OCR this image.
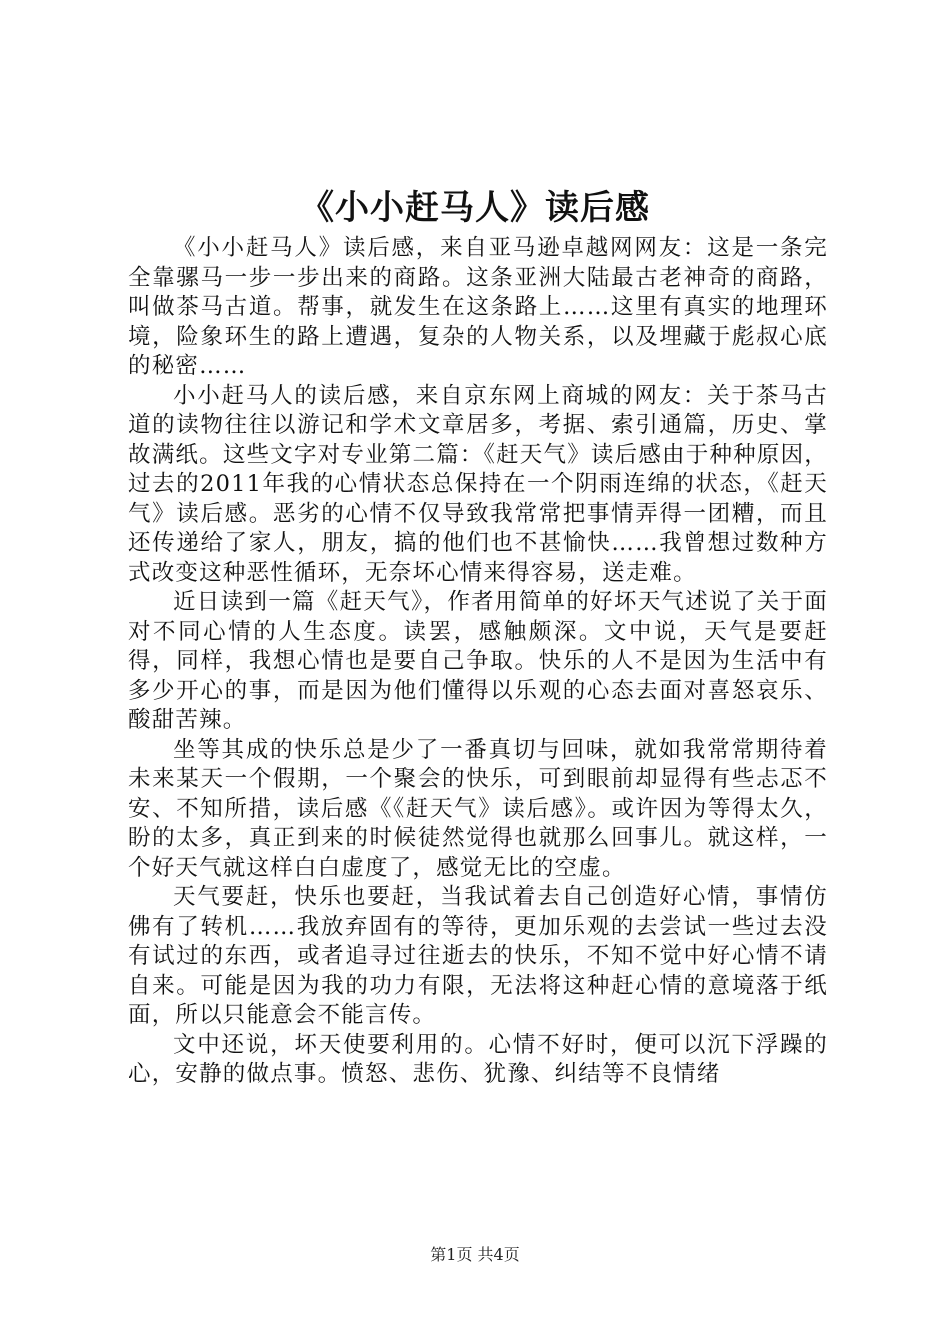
《小小赶马人》读后感

《小小赶马人》读后感，来自亚马逊卓越网网友：这是一条完全靠骡马一步一步出来的商路。这条亚洲大陆最古老神奇的商路，叫做茶马古道。帮事，就发生在这条路上……这里有真实的地理环境，险象环生的路上遭遇，复杂的人物关系，以及埋藏于彪叔心底的秘密……

小小赶马人的读后感，来自京东网上商城的网友：关于茶马古道的读物往往以游记和学术文章居多，考据、索引通篇，历史、掌故满纸。这些文字对专业第二篇：《赶天气》读后感由于种种原因，过去的2011年我的心情状态总保持在一个阴雨连绵的状态，《赶天气》读后感。恶劣的心情不仅导致我常常把事情弄得一团糟，而且还传递给了家人，朋友，搞的他们也不甚愉快……我曾想过数种方式改变这种恶性循环，无奈坏心情来得容易，送走难。

近日读到一篇《赶天气》，作者用简单的好坏天气述说了关于面对不同心情的人生态度。读罢，感触颇深。文中说，天气是要赶得，同样，我想心情也是要自己争取。快乐的人不是因为生活中有多少开心的事，而是因为他们懂得以乐观的心态去面对喜怒哀乐、酸甜苦辣。

坐等其成的快乐总是少了一番真切与回味，就如我常常期待着未来某天一个假期，一个聚会的快乐，可到眼前却显得有些忐忑不安、不知所措，读后感《《赶天气》读后感》。或许因为等得太久，盼的太多，真正到来的时候徒然觉得也就那么回事儿。就这样，一个好天气就这样白白虚度了，感觉无比的空虚。

天气要赶，快乐也要赶，当我试着去自己创造好心情，事情仿佛有了转机……我放弃固有的等待，更加乐观的去尝试一些过去没有试过的东西，或者追寻过往逝去的快乐，不知不觉中好心情不请自来。可能是因为我的功力有限，无法将这种赶心情的意境落于纸面，所以只能意会不能言传。

文中还说，坏天使要利用的。心情不好时，便可以沉下浮躁的心，安静的做点事。愤怒、悲伤、犹豫、纠结等不良情绪

第1页 共4页
